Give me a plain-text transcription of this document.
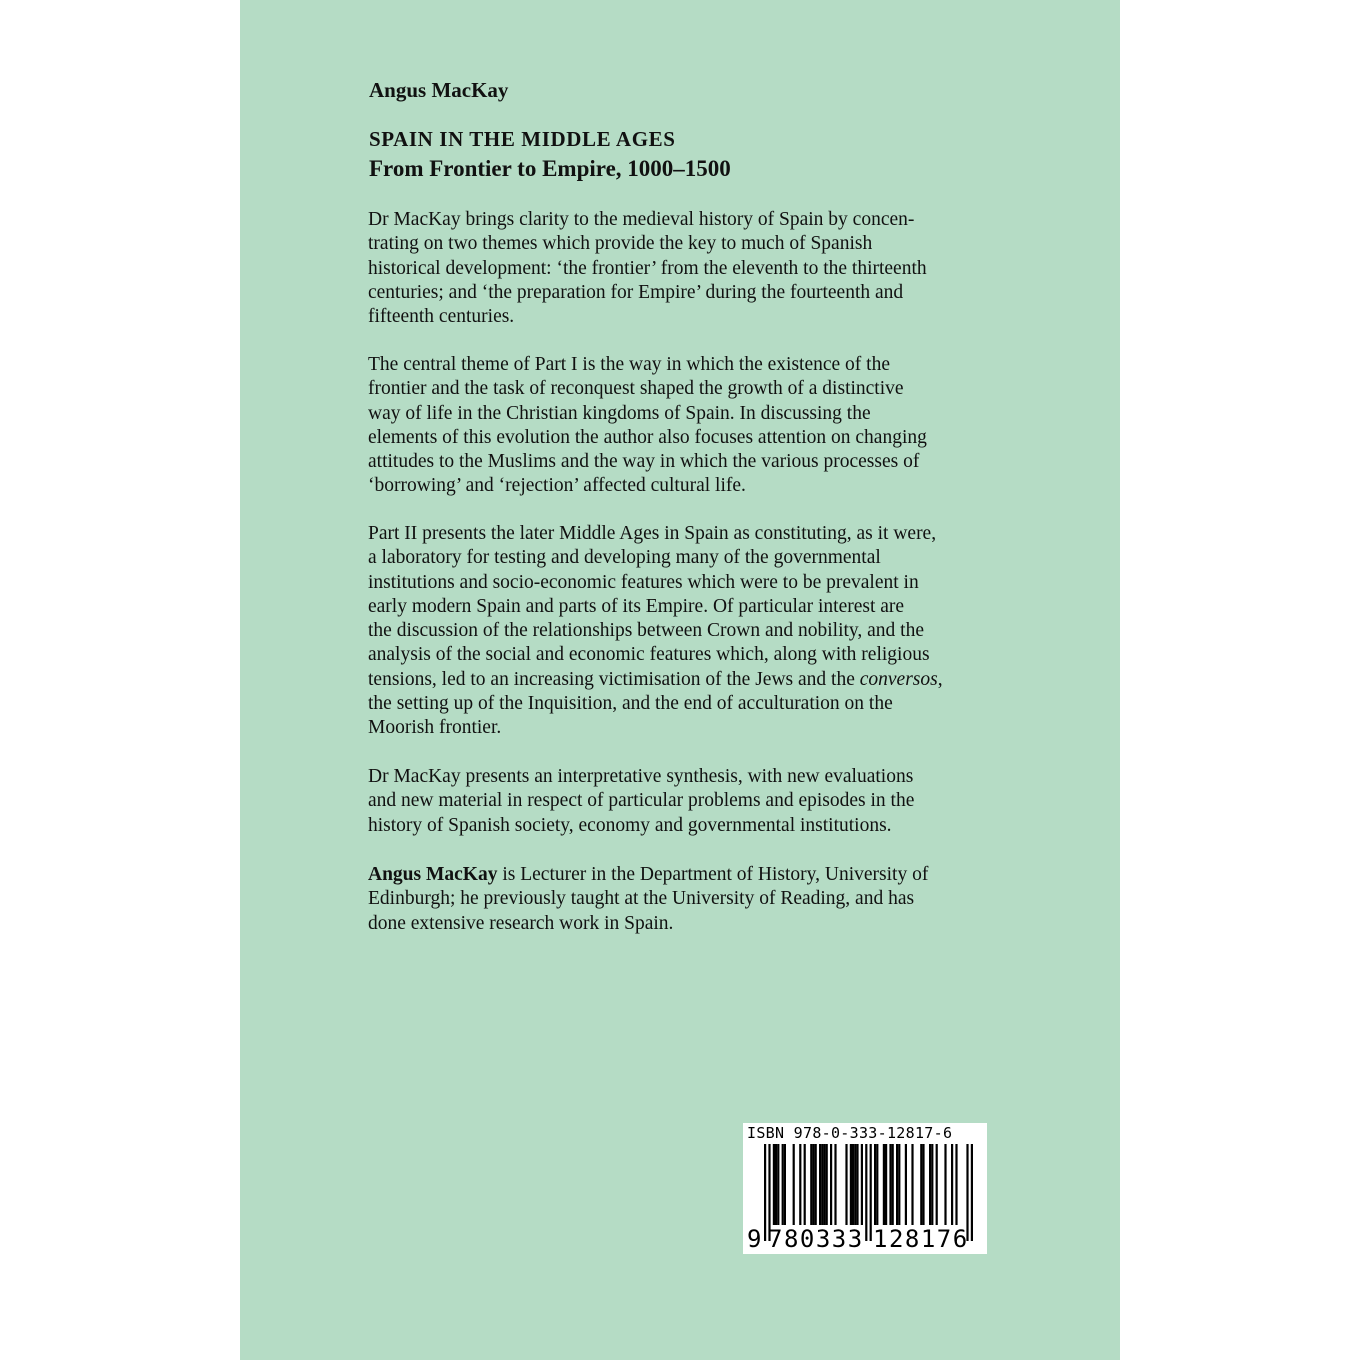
Angus MacKay
SPAIN IN THE MIDDLE AGES
From Frontier to Empire, 1000–1500

Dr MacKay brings clarity to the medieval history of Spain by concen-
trating on two themes which provide the key to much of Spanish
historical development: ‘the frontier’ from the eleventh to the thirteenth
centuries; and ‘the preparation for Empire’ during the fourteenth and
fifteenth centuries.

The central theme of Part I is the way in which the existence of the
frontier and the task of reconquest shaped the growth of a distinctive
way of life in the Christian kingdoms of Spain. In discussing the
elements of this evolution the author also focuses attention on changing
attitudes to the Muslims and the way in which the various processes of
‘borrowing’ and ‘rejection’ affected cultural life.

Part II presents the later Middle Ages in Spain as constituting, as it were,
a laboratory for testing and developing many of the governmental
institutions and socio-economic features which were to be prevalent in
early modern Spain and parts of its Empire. Of particular interest are
the discussion of the relationships between Crown and nobility, and the
analysis of the social and economic features which, along with religious
tensions, led to an increasing victimisation of the Jews and the conversos,
the setting up of the Inquisition, and the end of acculturation on the
Moorish frontier.

Dr MacKay presents an interpretative synthesis, with new evaluations
and new material in respect of particular problems and episodes in the
history of Spanish society, economy and governmental institutions.

Angus MacKay is Lecturer in the Department of History, University of
Edinburgh; he previously taught at the University of Reading, and has
done extensive research work in Spain.

ISBN 978-0-333-12817-6
9 780333 128176
